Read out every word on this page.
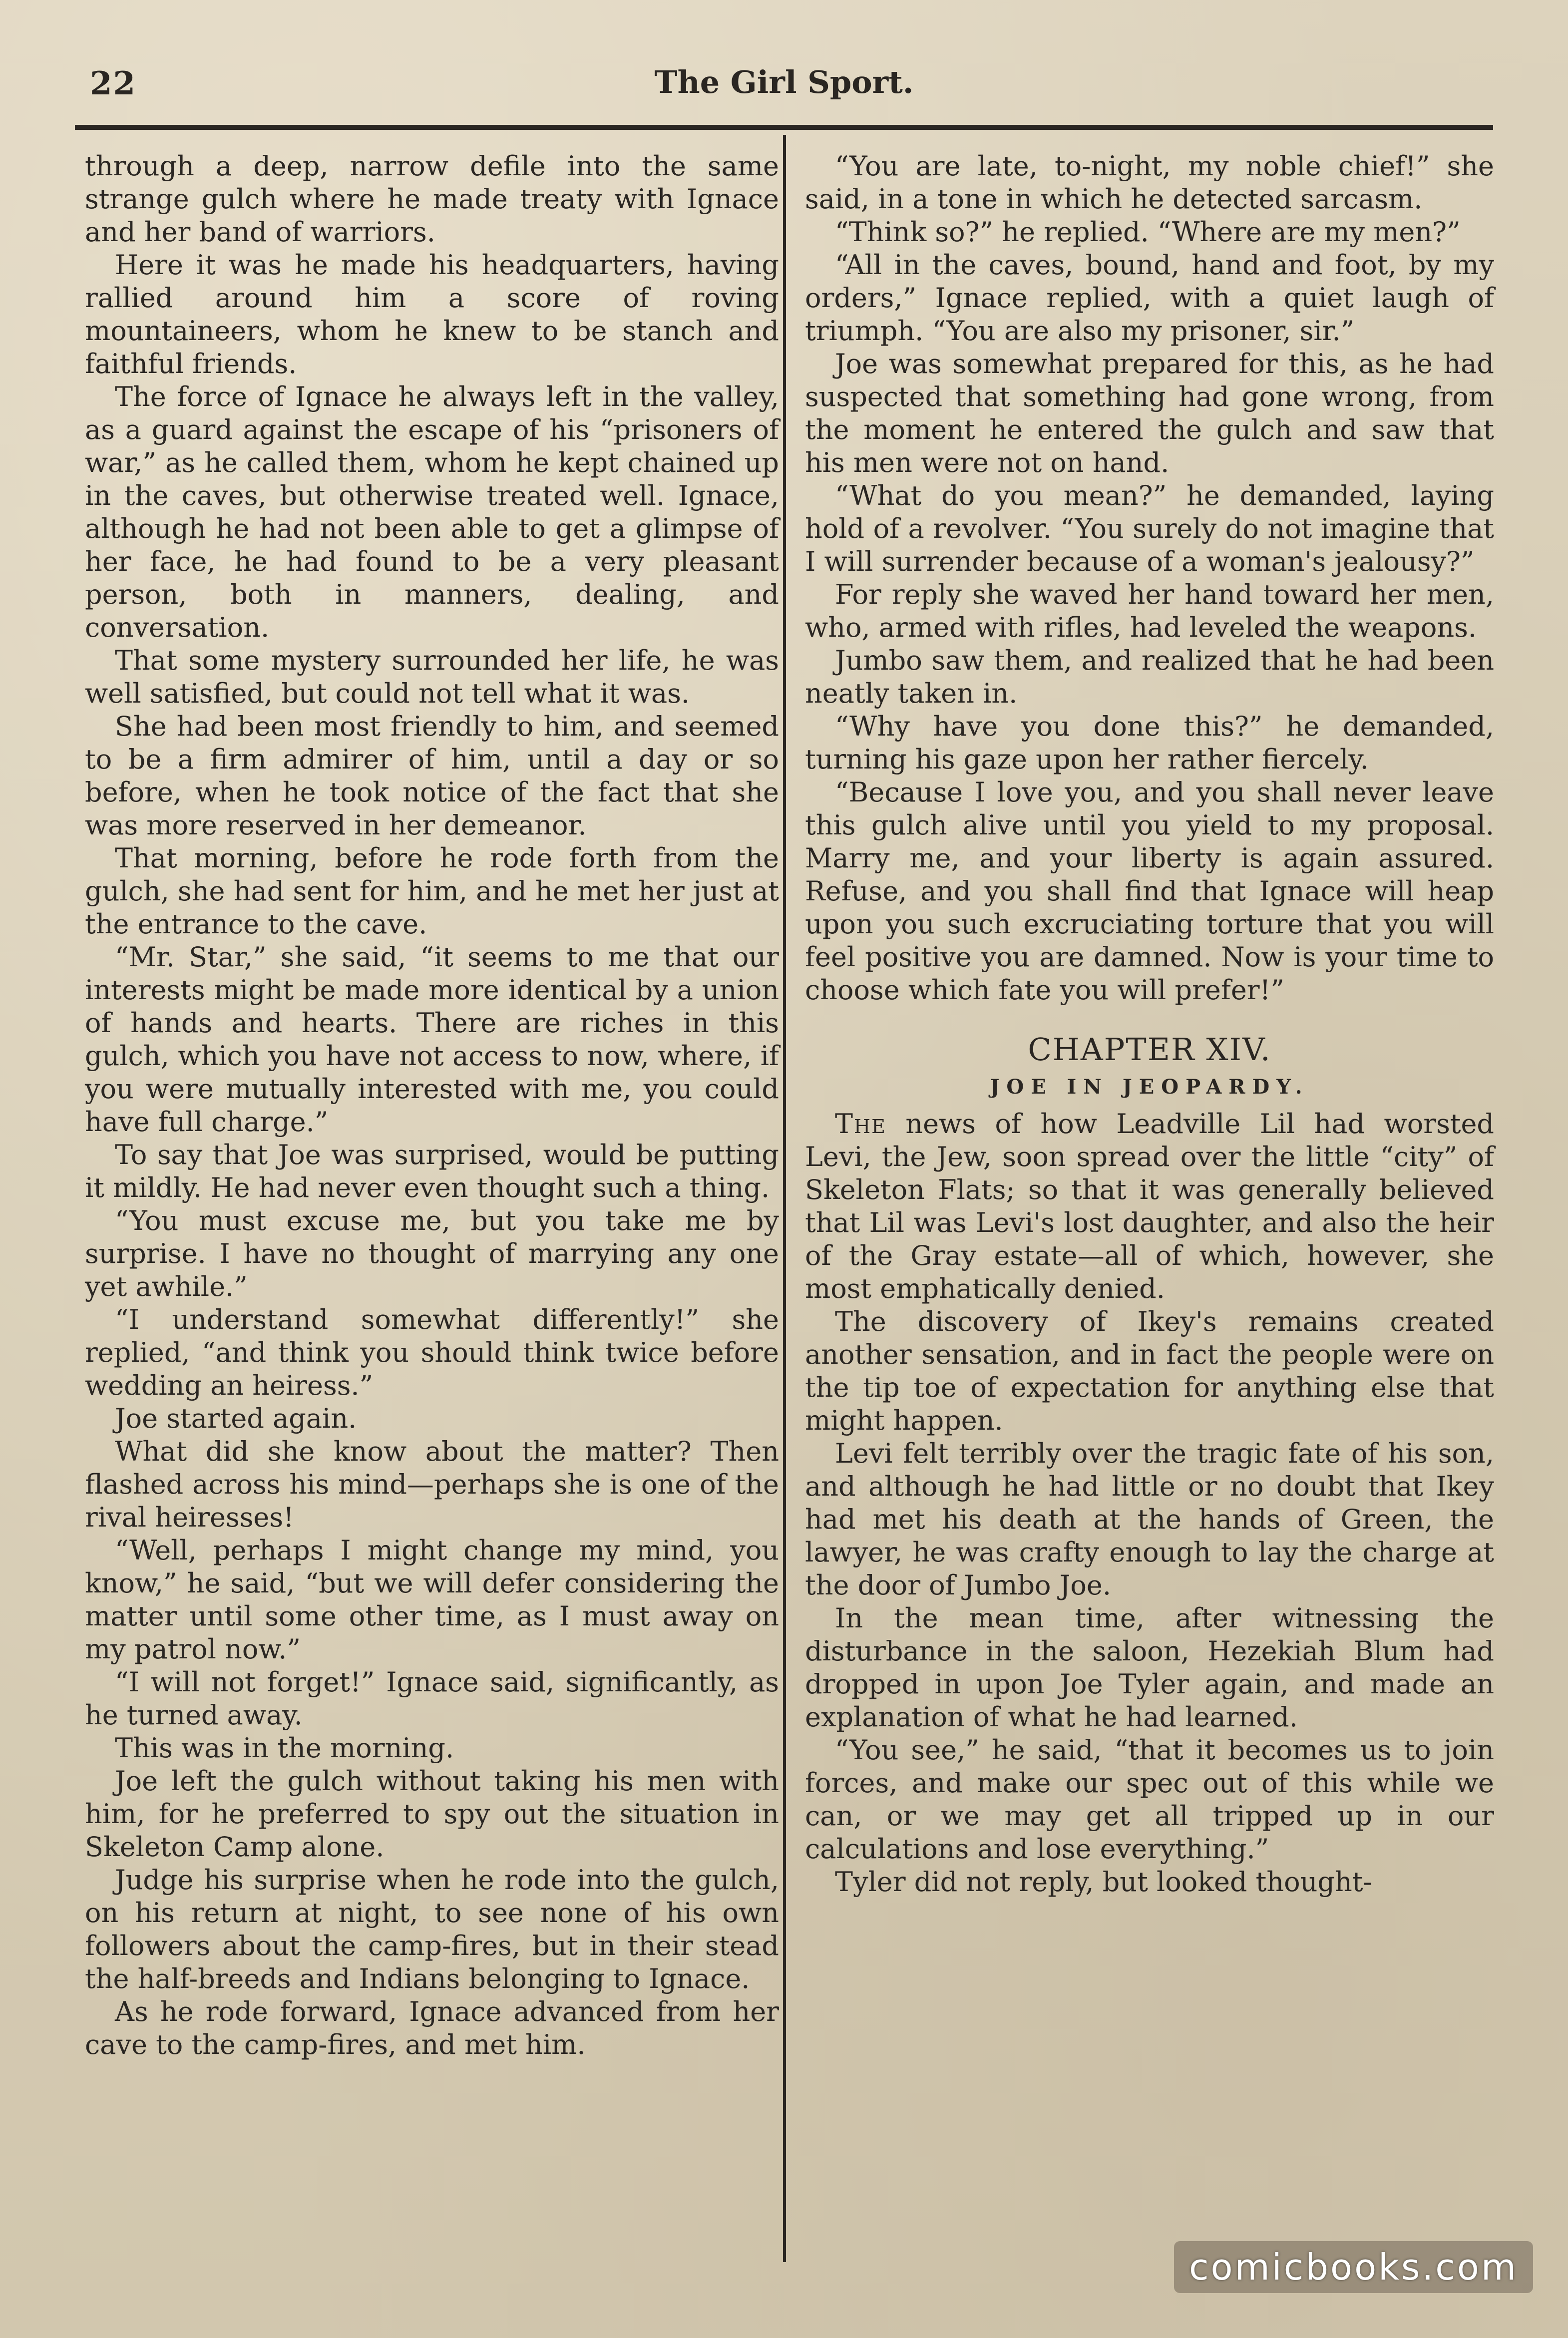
22	The Girl Sport.

through a deep, narrow defile into the same strange gulch where he made treaty with Ignace and her band of warriors.

Here it was he made his headquarters, having rallied around him a score of roving mountaineers, whom he knew to be stanch and faithful friends.

The force of Ignace he always left in the valley, as a guard against the escape of his “prisoners of war,” as he called them, whom he kept chained up in the caves, but otherwise treated well. Ignace, although he had not been able to get a glimpse of her face, he had found to be a very pleasant person, both in manners, dealing, and conversation.

That some mystery surrounded her life, he was well satisfied, but could not tell what it was.

She had been most friendly to him, and seemed to be a firm admirer of him, until a day or so before, when he took notice of the fact that she was more reserved in her demeanor.

That morning, before he rode forth from the gulch, she had sent for him, and he met her just at the entrance to the cave.

“Mr. Star,” she said, “it seems to me that our interests might be made more identical by a union of hands and hearts. There are riches in this gulch, which you have not access to now, where, if you were mutually interested with me, you could have full charge.”

To say that Joe was surprised, would be putting it mildly. He had never even thought such a thing.

“You must excuse me, but you take me by surprise. I have no thought of marrying any one yet awhile.”

“I understand somewhat differently!” she replied, “and think you should think twice before wedding an heiress.”

Joe started again.

What did she know about the matter? Then flashed across his mind—perhaps she is one of the rival heiresses!

“Well, perhaps I might change my mind, you know,” he said, “but we will defer considering the matter until some other time, as I must away on my patrol now.”

“I will not forget!” Ignace said, significantly, as he turned away.

This was in the morning.

Joe left the gulch without taking his men with him, for he preferred to spy out the situation in Skeleton Camp alone.

Judge his surprise when he rode into the gulch, on his return at night, to see none of his own followers about the camp-fires, but in their stead the half-breeds and Indians belonging to Ignace.

As he rode forward, Ignace advanced from her cave to the camp-fires, and met him.

“You are late, to-night, my noble chief!” she said, in a tone in which he detected sarcasm.

“Think so?” he replied. “Where are my men?”

“All in the caves, bound, hand and foot, by my orders,” Ignace replied, with a quiet laugh of triumph. “You are also my prisoner, sir.”

Joe was somewhat prepared for this, as he had suspected that something had gone wrong, from the moment he entered the gulch and saw that his men were not on hand.

“What do you mean?” he demanded, laying hold of a revolver. “You surely do not imagine that I will surrender because of a woman's jealousy?”

For reply she waved her hand toward her men, who, armed with rifles, had leveled the weapons.

Jumbo saw them, and realized that he had been neatly taken in.

“Why have you done this?” he demanded, turning his gaze upon her rather fiercely.

“Because I love you, and you shall never leave this gulch alive until you yield to my proposal. Marry me, and your liberty is again assured. Refuse, and you shall find that Ignace will heap upon you such excruciating torture that you will feel positive you are damned. Now is your time to choose which fate you will prefer!”

CHAPTER XIV.
JOE IN JEOPARDY.

The news of how Leadville Lil had worsted Levi, the Jew, soon spread over the little “city” of Skeleton Flats; so that it was generally believed that Lil was Levi's lost daughter, and also the heir of the Gray estate—all of which, however, she most emphatically denied.

The discovery of Ikey's remains created another sensation, and in fact the people were on the tip toe of expectation for anything else that might happen.

Levi felt terribly over the tragic fate of his son, and although he had little or no doubt that Ikey had met his death at the hands of Green, the lawyer, he was crafty enough to lay the charge at the door of Jumbo Joe.

In the mean time, after witnessing the disturbance in the saloon, Hezekiah Blum had dropped in upon Joe Tyler again, and made an explanation of what he had learned.

“You see,” he said, “that it becomes us to join forces, and make our spec out of this while we can, or we may get all tripped up in our calculations and lose everything.”

Tyler did not reply, but looked thought-

comicbooks.com
